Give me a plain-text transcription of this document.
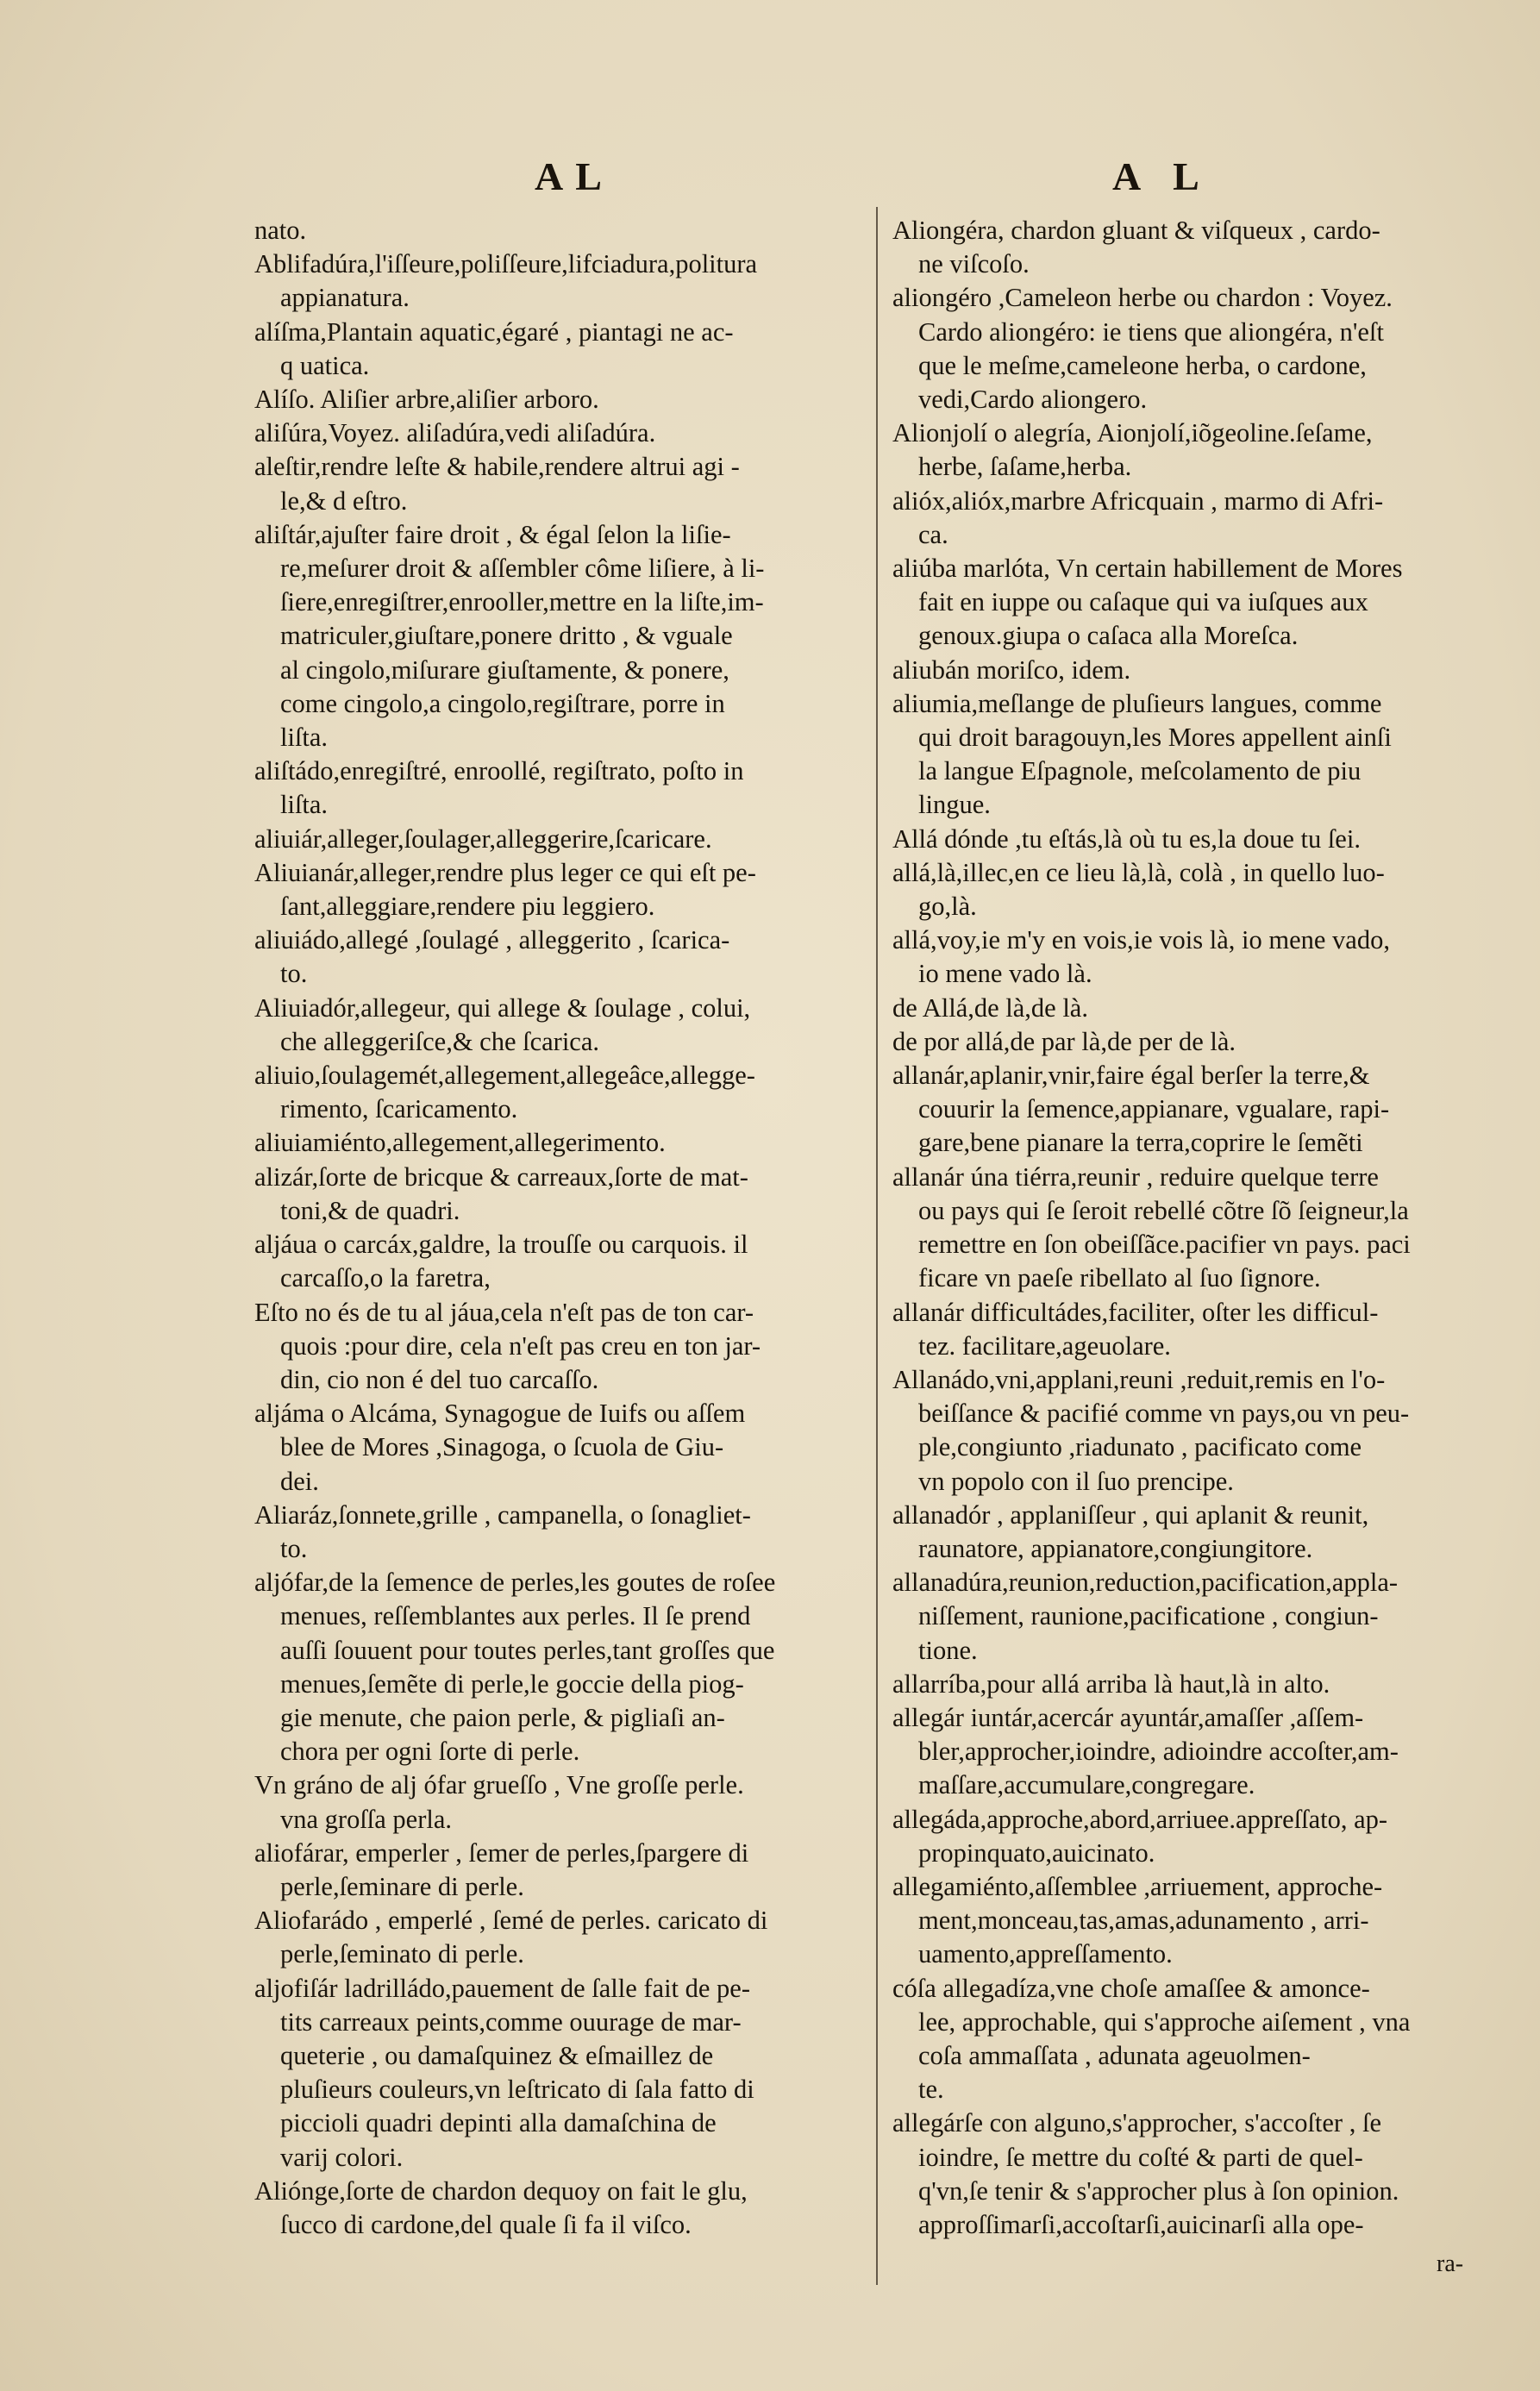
AL	A L
nato.
Ablifadúra,l'iſſeure,poliſſeure,lifciadura,politura
appianatura.
alíſma,Plantain aquatic,égaré , piantagi ne ac-
q uatica.
Alíſo. Aliſier arbre,aliſier arboro.
aliſúra,Voyez. aliſadúra,vedi aliſadúra.
aleſtir,rendre leſte & habile,rendere altrui agi -
le,& d eſtro.
aliſtár,ajuſter faire droit , & égal ſelon la liſie-
re,meſurer droit & aſſembler côme liſiere, à li-
ſiere,enregiſtrer,enrooller,mettre en la liſte,im-
matriculer,giuſtare,ponere dritto , & vguale
al cingolo,miſurare giuſtamente, & ponere,
come cingolo,a cingolo,regiſtrare, porre in
liſta.
aliſtádo,enregiſtré, enroollé, regiſtrato, poſto in
liſta.
aliuiár,alleger,ſoulager,alleggerire,ſcaricare.
Aliuianár,alleger,rendre plus leger ce qui eſt pe-
ſant,alleggiare,rendere piu leggiero.
aliuiádo,allegé ,ſoulagé , alleggerito , ſcarica-
to.
Aliuiadór,allegeur, qui allege & ſoulage , colui,
che alleggeriſce,& che ſcarica.
aliuio,ſoulagemét,allegement,allegeâce,allegge-
rimento, ſcaricamento.
aliuiamiénto,allegement,allegerimento.
alizár,ſorte de bricque & carreaux,ſorte de mat-
toni,& de quadri.
aljáua o carcáx,galdre, la trouſſe ou carquois. il
carcaſſo,o la faretra,
Eſto no és de tu al jáua,cela n'eſt pas de ton car-
quois :pour dire, cela n'eſt pas creu en ton jar-
din, cio non é del tuo carcaſſo.
aljáma o Alcáma, Synagogue de Iuifs ou aſſem
blee de Mores ,Sinagoga, o ſcuola de Giu-
dei.
Aliaráz,ſonnete,grille , campanella, o ſonagliet-
to.
aljófar,de la ſemence de perles,les goutes de roſee
menues, reſſemblantes aux perles. Il ſe prend
auſſi ſouuent pour toutes perles,tant groſſes que
menues,ſemẽte di perle,le goccie della piog-
gie menute, che paion perle, & pigliaſi an-
chora per ogni ſorte di perle.
Vn gráno de alj ófar grueſſo , Vne groſſe perle.
vna groſſa perla.
aliofárar, emperler , ſemer de perles,ſpargere di
perle,ſeminare di perle.
Aliofarádo , emperlé , ſemé de perles. caricato di
perle,ſeminato di perle.
aljofiſár ladrilládo,pauement de ſalle fait de pe-
tits carreaux peints,comme ouurage de mar-
queterie , ou damaſquinez & eſmaillez de
pluſieurs couleurs,vn leſtricato di ſala fatto di
piccioli quadri depinti alla damaſchina de
varij colori.
Aliónge,ſorte de chardon dequoy on fait le glu,
ſucco di cardone,del quale ſi fa il viſco.
Aliongéra, chardon gluant & viſqueux , cardo-
ne viſcoſo.
aliongéro ,Cameleon herbe ou chardon : Voyez.
Cardo aliongéro: ie tiens que aliongéra, n'eſt
que le meſme,cameleone herba, o cardone,
vedi,Cardo aliongero.
Alionjolí o alegría, Aionjolí,iõgeoline.ſeſame,
herbe, ſaſame,herba.
alióx,alióx,marbre Africquain , marmo di Afri-
ca.
aliúba marlóta, Vn certain habillement de Mores
fait en iuppe ou caſaque qui va iuſques aux
genoux.giupa o caſaca alla Moreſca.
aliubán moriſco, idem.
aliumia,meſlange de pluſieurs langues, comme
qui droit baragouyn,les Mores appellent ainſi
la langue Eſpagnole, meſcolamento de piu
lingue.
Allá dónde ,tu eſtás,là où tu es,la doue tu ſei.
allá,là,illec,en ce lieu là,là, colà , in quello luo-
go,là.
allá,voy,ie m'y en vois,ie vois là, io mene vado,
io mene vado là.
de Allá,de là,de là.
de por allá,de par là,de per de là.
allanár,aplanir,vnir,faire égal berſer la terre,&
couurir la ſemence,appianare, vgualare, rapi-
gare,bene pianare la terra,coprire le ſemẽti
allanár úna tiérra,reunir , reduire quelque terre
ou pays qui ſe ſeroit rebellé cõtre ſõ ſeigneur,la
remettre en ſon obeiſſãce.pacifier vn pays. paci
ficare vn paeſe ribellato al ſuo ſignore.
allanár difficultádes,faciliter, oſter les difficul-
tez. facilitare,ageuolare.
Allanádo,vni,applani,reuni ,reduit,remis en l'o-
beiſſance & pacifié comme vn pays,ou vn peu-
ple,congiunto ,riadunato , pacificato come
vn popolo con il ſuo prencipe.
allanadór , applaniſſeur , qui aplanit & reunit,
raunatore, appianatore,congiungitore.
allanadúra,reunion,reduction,pacification,appla-
niſſement, raunione,pacificatione , congiun-
tione.
allarríba,pour allá arriba là haut,là in alto.
allegár iuntár,acercár ayuntár,amaſſer ,aſſem-
bler,approcher,ioindre, adioindre accoſter,am-
maſſare,accumulare,congregare.
allegáda,approche,abord,arriuee.appreſſato, ap-
propinquato,auicinato.
allegamiénto,aſſemblee ,arriuement, approche-
ment,monceau,tas,amas,adunamento , arri-
uamento,appreſſamento.
cóſa allegadíza,vne choſe amaſſee & amonce-
lee, approchable, qui s'approche aiſement , vna
coſa ammaſſata , adunata ageuolmen-
te.
allegárſe con alguno,s'approcher, s'accoſter , ſe
ioindre, ſe mettre du coſté & parti de quel-
q'vn,ſe tenir & s'approcher plus à ſon opinion.
approſſimarſi,accoſtarſi,auicinarſi alla ope-
ra-
